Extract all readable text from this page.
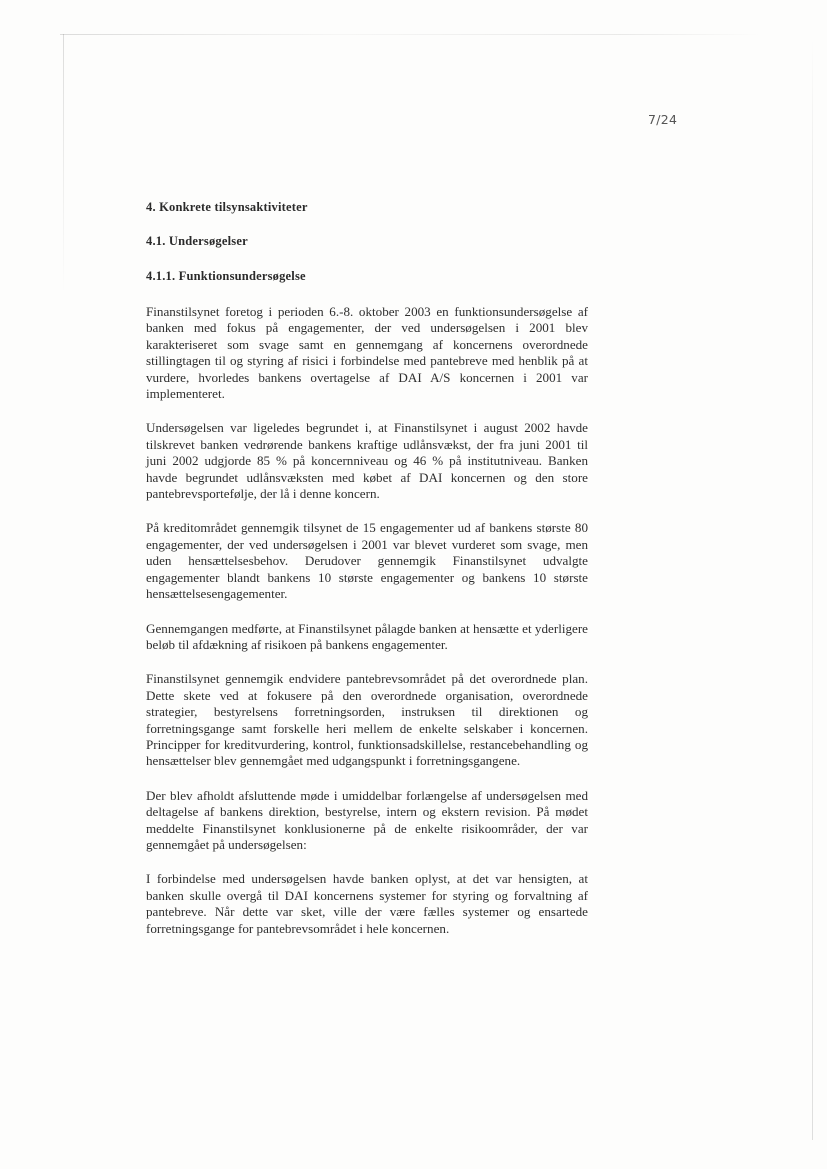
7/24
4. Konkrete tilsynsaktiviteter
4.1. Undersøgelser
4.1.1. Funktionsundersøgelse

Finanstilsynet foretog i perioden 6.-8. oktober 2003 en funktionsundersøgelse af banken med fokus på engagementer, der ved undersøgelsen i 2001 blev karakteriseret som svage samt en gennemgang af koncernens overordnede stillingtagen til og styring af risici i forbindelse med pantebreve med henblik på at vurdere, hvorledes bankens overtagelse af DAI A/S koncernen i 2001 var implementeret.

Undersøgelsen var ligeledes begrundet i, at Finanstilsynet i august 2002 havde tilskrevet banken vedrørende bankens kraftige udlånsvækst, der fra juni 2001 til juni 2002 udgjorde 85 % på koncernniveau og 46 % på institutniveau. Banken havde begrundet udlånsvæksten med købet af DAI koncernen og den store pantebrevsportefølje, der lå i denne koncern.

På kreditområdet gennemgik tilsynet de 15 engagementer ud af bankens største 80 engagementer, der ved undersøgelsen i 2001 var blevet vurderet som svage, men uden hensættelsesbehov. Derudover gennemgik Finanstilsynet udvalgte engagementer blandt bankens 10 største engagementer og bankens 10 største hensættelsesengagementer.

Gennemgangen medførte, at Finanstilsynet pålagde banken at hensætte et yderligere beløb til afdækning af risikoen på bankens engagementer.

Finanstilsynet gennemgik endvidere pantebrevsområdet på det overordnede plan. Dette skete ved at fokusere på den overordnede organisation, overordnede strategier, bestyrelsens forretningsorden, instruksen til direktionen og forretningsgange samt forskelle heri mellem de enkelte selskaber i koncernen. Principper for kreditvurdering, kontrol, funktionsadskillelse, restancebehandling og hensættelser blev gennemgået med udgangspunkt i forretningsgangene.

Der blev afholdt afsluttende møde i umiddelbar forlængelse af undersøgelsen med deltagelse af bankens direktion, bestyrelse, intern og ekstern revision. På mødet meddelte Finanstilsynet konklusionerne på de enkelte risikoområder, der var gennemgået på undersøgelsen:

I forbindelse med undersøgelsen havde banken oplyst, at det var hensigten, at banken skulle overgå til DAI koncernens systemer for styring og forvaltning af pantebreve. Når dette var sket, ville der være fælles systemer og ensartede forretningsgange for pantebrevsområdet i hele koncernen.
